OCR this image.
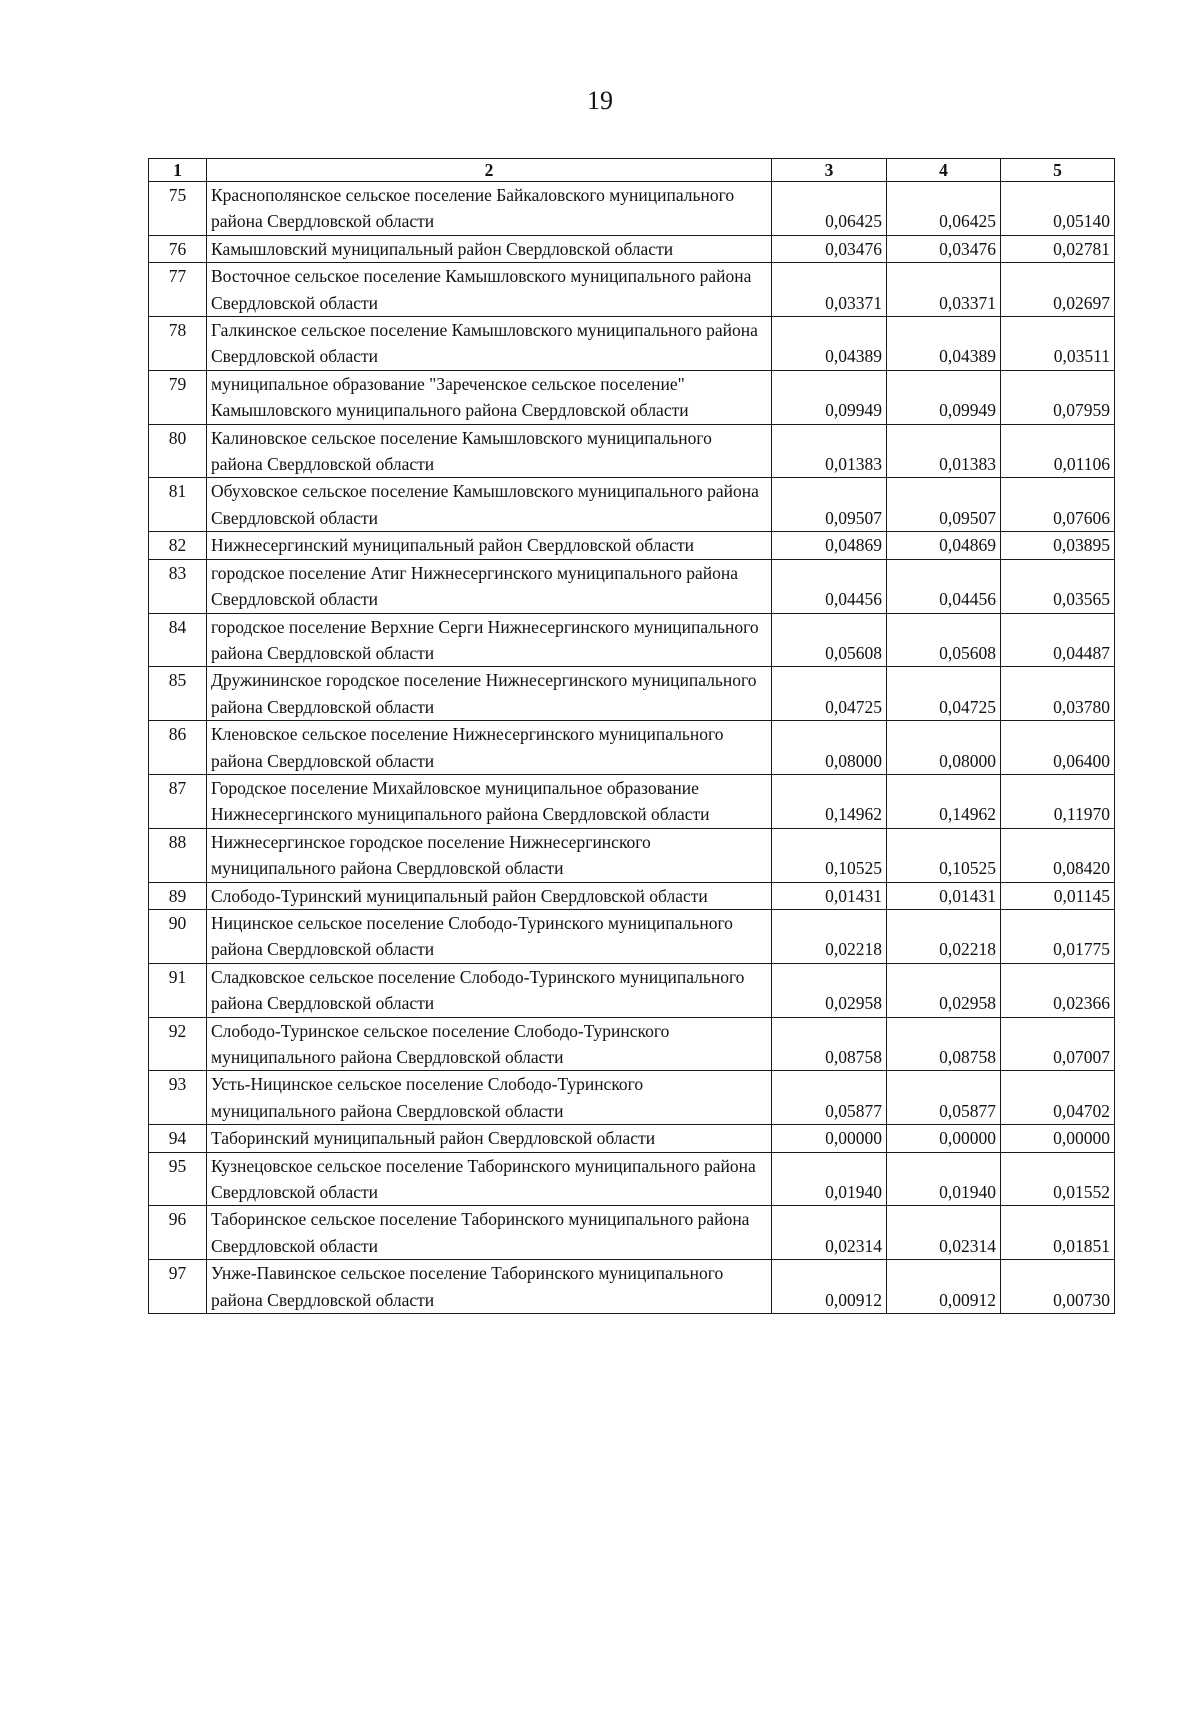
19
1	2	3	4	5
75	Краснополянское сельское поселение Байкаловского муниципального района Свердловской области	0,06425	0,06425	0,05140
76	Камышловский муниципальный район Свердловской области	0,03476	0,03476	0,02781
77	Восточное сельское поселение Камышловского муниципального района Свердловской области	0,03371	0,03371	0,02697
78	Галкинское сельское поселение Камышловского муниципального района Свердловской области	0,04389	0,04389	0,03511
79	муниципальное образование "Зареченское сельское поселение" Камышловского муниципального района Свердловской области	0,09949	0,09949	0,07959
80	Калиновское сельское поселение Камышловского муниципального района Свердловской области	0,01383	0,01383	0,01106
81	Обуховское сельское поселение Камышловского муниципального района Свердловской области	0,09507	0,09507	0,07606
82	Нижнесергинский муниципальный район Свердловской области	0,04869	0,04869	0,03895
83	городское поселение Атиг Нижнесергинского муниципального района Свердловской области	0,04456	0,04456	0,03565
84	городское поселение Верхние Серги Нижнесергинского муниципального района Свердловской области	0,05608	0,05608	0,04487
85	Дружининское городское поселение Нижнесергинского муниципального района Свердловской области	0,04725	0,04725	0,03780
86	Кленовское сельское поселение Нижнесергинского муниципального района Свердловской области	0,08000	0,08000	0,06400
87	Городское поселение Михайловское муниципальное образование Нижнесергинского муниципального района Свердловской области	0,14962	0,14962	0,11970
88	Нижнесергинское городское поселение Нижнесергинского муниципального района Свердловской области	0,10525	0,10525	0,08420
89	Слободо-Туринский муниципальный район Свердловской области	0,01431	0,01431	0,01145
90	Ницинское сельское поселение Слободо-Туринского муниципального района Свердловской области	0,02218	0,02218	0,01775
91	Сладковское сельское поселение Слободо-Туринского муниципального района Свердловской области	0,02958	0,02958	0,02366
92	Слободо-Туринское сельское поселение Слободо-Туринского муниципального района Свердловской области	0,08758	0,08758	0,07007
93	Усть-Ницинское сельское поселение Слободо-Туринского муниципального района Свердловской области	0,05877	0,05877	0,04702
94	Таборинский муниципальный район Свердловской области	0,00000	0,00000	0,00000
95	Кузнецовское сельское поселение Таборинского муниципального района Свердловской области	0,01940	0,01940	0,01552
96	Таборинское сельское поселение Таборинского муниципального района Свердловской области	0,02314	0,02314	0,01851
97	Унже-Павинское сельское поселение Таборинского муниципального района Свердловской области	0,00912	0,00912	0,00730
